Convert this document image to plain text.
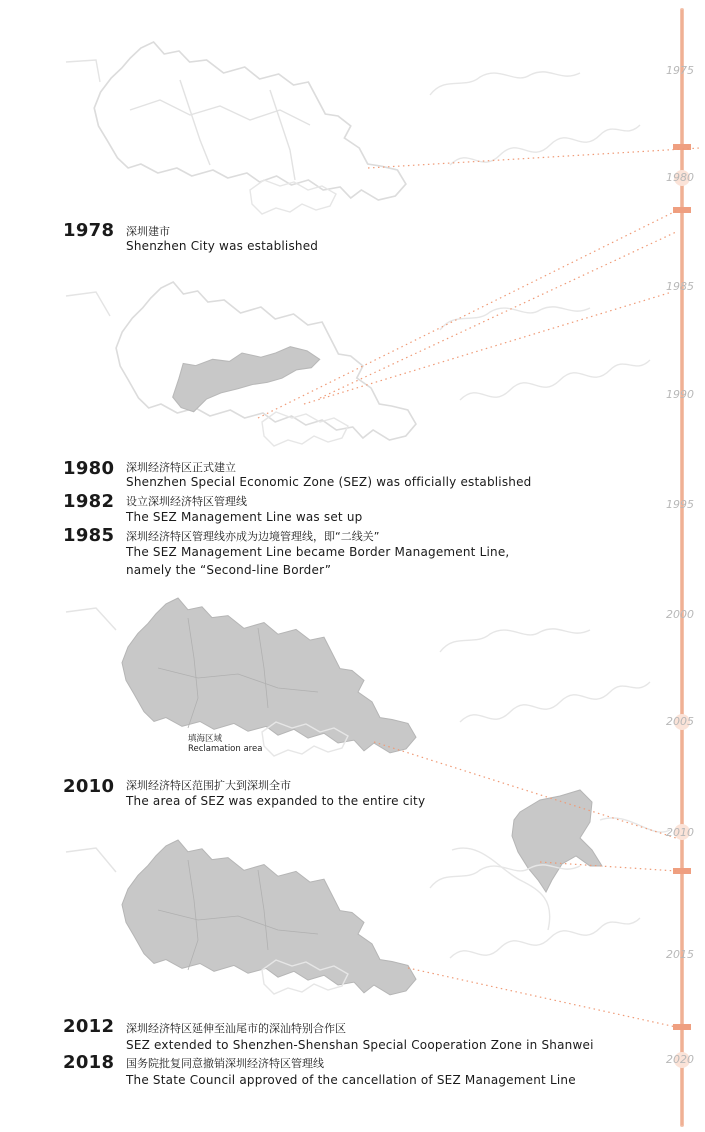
1975
1980
1985
1990
1995
2000
2005
2010
2015
2020
填海区域
Reclamation area
1978 深圳建市
Shenzhen City was established
1980 深圳经济特区正式建立
Shenzhen Special Economic Zone (SEZ) was officially established
1982 设立深圳经济特区管理线
The SEZ Management Line was set up
1985 深圳经济特区管理线亦成为边境管理线，即“二线关”
The SEZ Management Line became Border Management Line,
namely the “Second-line Border”
2010 深圳经济特区范围扩大到深圳全市
The area of SEZ was expanded to the entire city
2012 深圳经济特区延伸至汕尾市的深汕特别合作区
SEZ extended to Shenzhen-Shenshan Special Cooperation Zone in Shanwei
2018 国务院批复同意撤销深圳经济特区管理线
The State Council approved of the cancellation of SEZ Management Line
